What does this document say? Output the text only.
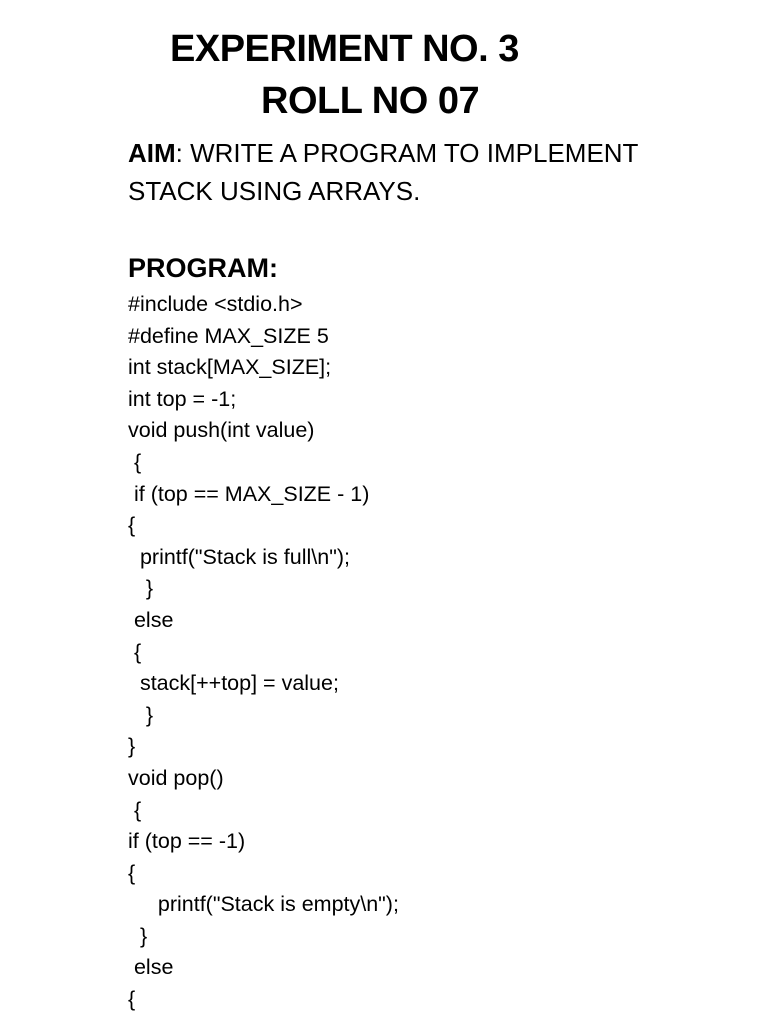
EXPERIMENT NO. 3
ROLL NO 07
AIM: WRITE A PROGRAM TO IMPLEMENT STACK USING ARRAYS.
PROGRAM:
#include <stdio.h>
#define MAX_SIZE 5
int stack[MAX_SIZE];
int top = -1;
void push(int value)
{
if (top == MAX_SIZE - 1)
{
printf("Stack is full\n");
}
else
{
stack[++top] = value;
}
}
void pop()
{
if (top == -1)
{
printf("Stack is empty\n");
}
else
{
